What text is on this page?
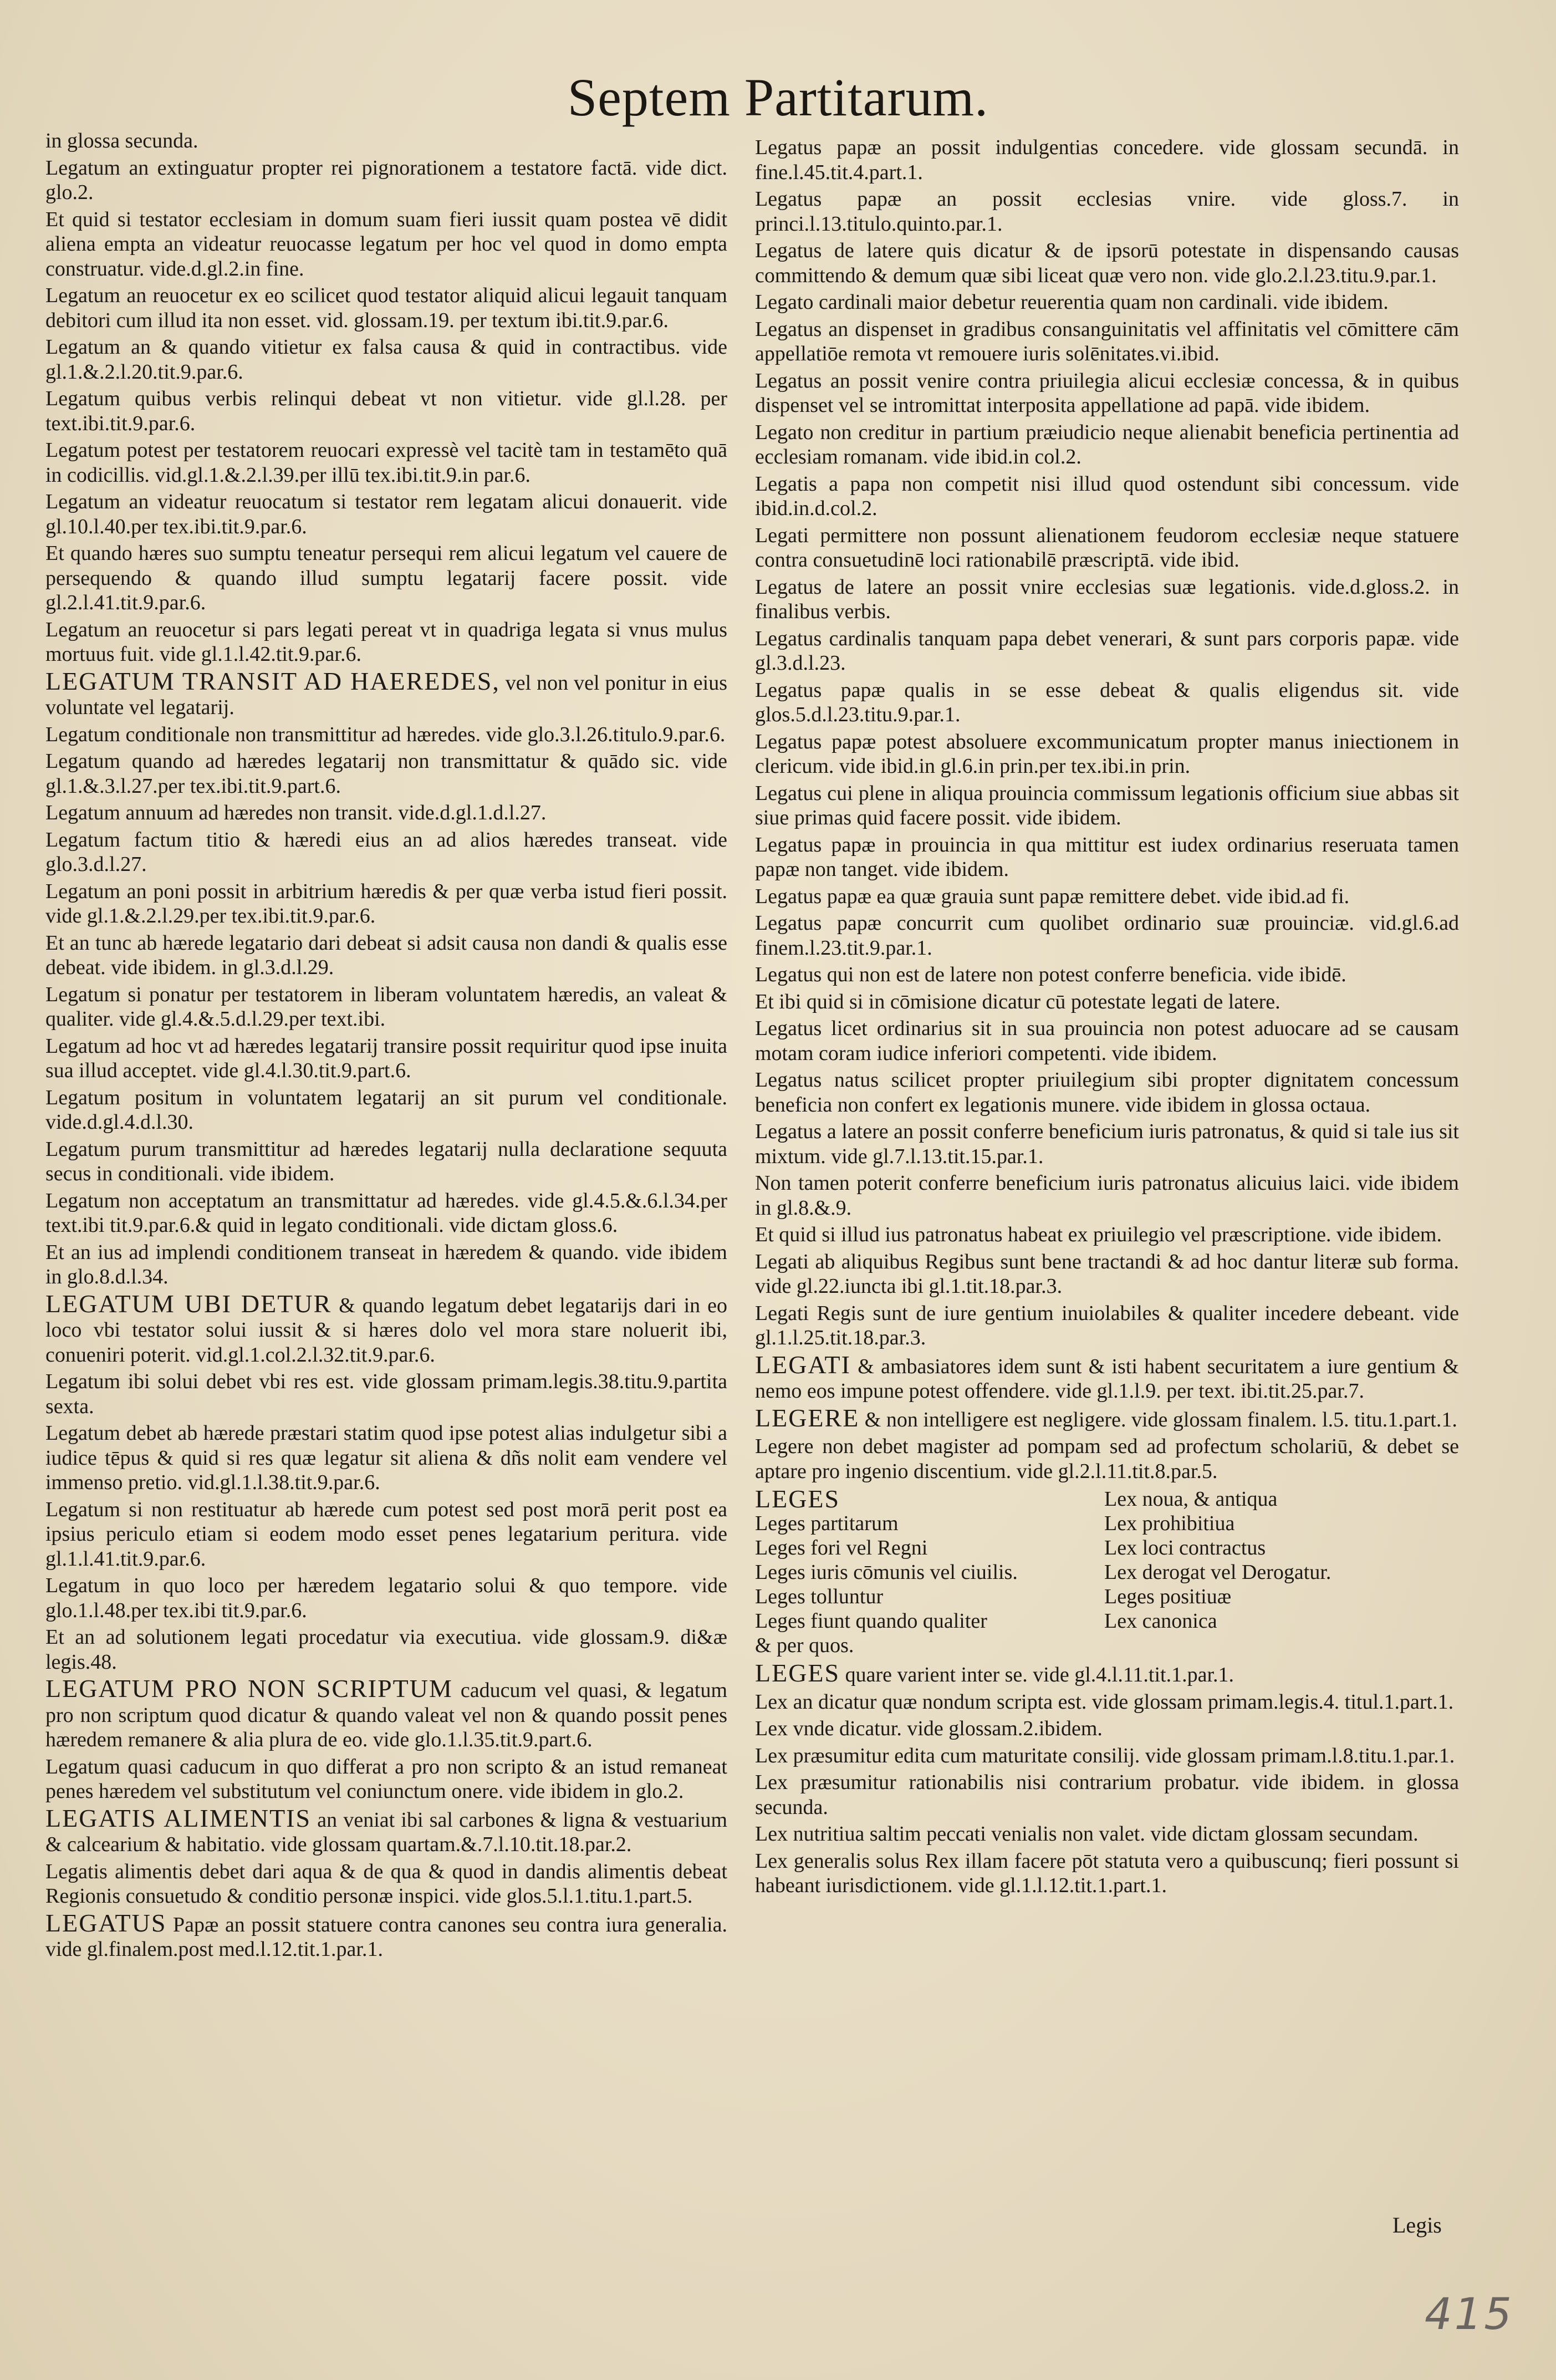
Septem Partitarum.
in glossa secunda.
Legatum an extinguatur propter rei pignorationem a testatore factā. vide dict. glo.2.
Et quid si testator ecclesiam in domum suam fieri iussit quam postea vē didit aliena empta an videatur reuocasse legatum per hoc vel quod in domo empta construatur. vide.d.gl.2.in fine.
Legatum an reuocetur ex eo scilicet quod testator aliquid alicui legauit tanquam debitori cum illud ita non esset. vid. glossam.19. per textum ibi.tit.9.par.6.
Legatum an & quando vitietur ex falsa causa & quid in contractibus. vide gl.1.&.2.l.20.tit.9.par.6.
Legatum quibus verbis relinqui debeat vt non vitietur. vide gl.l.28. per text.ibi.tit.9.par.6.
Legatum potest per testatorem reuocari expressè vel tacitè tam in testamēto quā in codicillis. vid.gl.1.&.2.l.39.per illū tex.ibi.tit.9.in par.6.
Legatum an videatur reuocatum si testator rem legatam alicui donauerit. vide gl.10.l.40.per tex.ibi.tit.9.par.6.
Et quando hæres suo sumptu teneatur persequi rem alicui legatum vel cauere de persequendo & quando illud sumptu legatarij facere possit. vide gl.2.l.41.tit.9.par.6.
Legatum an reuocetur si pars legati pereat vt in quadriga legata si vnus mulus mortuus fuit. vide gl.1.l.42.tit.9.par.6.
LEGATUM TRANSIT AD HAEREDES, vel non vel ponitur in eius voluntate vel legatarij.
Legatum conditionale non transmittitur ad hæredes. vide glo.3.l.26.titulo.9.par.6.
Legatum quando ad hæredes legatarij non transmittatur & quādo sic. vide gl.1.&.3.l.27.per tex.ibi.tit.9.part.6.
Legatum annuum ad hæredes non transit. vide.d.gl.1.d.l.27.
Legatum factum titio & hæredi eius an ad alios hæredes transeat. vide glo.3.d.l.27.
Legatum an poni possit in arbitrium hæredis & per quæ verba istud fieri possit. vide gl.1.&.2.l.29.per tex.ibi.tit.9.par.6.
Et an tunc ab hærede legatario dari debeat si adsit causa non dandi & qualis esse debeat. vide ibidem. in gl.3.d.l.29.
Legatum si ponatur per testatorem in liberam voluntatem hæredis, an valeat & qualiter. vide gl.4.&.5.d.l.29.per text.ibi.
Legatum ad hoc vt ad hæredes legatarij transire possit requiritur quod ipse inuita sua illud acceptet. vide gl.4.l.30.tit.9.part.6.
Legatum positum in voluntatem legatarij an sit purum vel conditionale. vide.d.gl.4.d.l.30.
Legatum purum transmittitur ad hæredes legatarij nulla declaratione sequuta secus in conditionali. vide ibidem.
Legatum non acceptatum an transmittatur ad hæredes. vide gl.4.5.&.6.l.34.per text.ibi tit.9.par.6.& quid in legato conditionali. vide dictam gloss.6.
Et an ius ad implendi conditionem transeat in hæredem & quando. vide ibidem in glo.8.d.l.34.
LEGATUM UBI DETUR & quando legatum debet legatarijs dari in eo loco vbi testator solui iussit & si hæres dolo vel mora stare noluerit ibi, conueniri poterit. vid.gl.1.col.2.l.32.tit.9.par.6.
Legatum ibi solui debet vbi res est. vide glossam primam.legis.38.titu.9.partita sexta.
Legatum debet ab hærede præstari statim quod ipse potest alias indulgetur sibi a iudice tēpus & quid si res quæ legatur sit aliena & dñs nolit eam vendere vel immenso pretio. vid.gl.1.l.38.tit.9.par.6.
Legatum si non restituatur ab hærede cum potest sed post morā perit post ea ipsius periculo etiam si eodem modo esset penes legatarium peritura. vide gl.1.l.41.tit.9.par.6.
Legatum in quo loco per hæredem legatario solui & quo tempore. vide glo.1.l.48.per tex.ibi tit.9.par.6.
Et an ad solutionem legati procedatur via executiua. vide glossam.9. di&æ legis.48.
LEGATUM PRO NON SCRIPTUM caducum vel quasi, & legatum pro non scriptum quod dicatur & quando valeat vel non & quando possit penes hæredem remanere & alia plura de eo. vide glo.1.l.35.tit.9.part.6.
Legatum quasi caducum in quo differat a pro non scripto & an istud remaneat penes hæredem vel substitutum vel coniunctum onere. vide ibidem in glo.2.
LEGATIS ALIMENTIS an veniat ibi sal carbones & ligna & vestuarium & calcearium & habitatio. vide glossam quartam.&.7.l.10.tit.18.par.2.
Legatis alimentis debet dari aqua & de qua & quod in dandis alimentis debeat Regionis consuetudo & conditio personæ inspici. vide glos.5.l.1.titu.1.part.5.
LEGATUS Papæ an possit statuere contra canones seu contra iura generalia. vide gl.finalem.post med.l.12.tit.1.par.1.
Legatus papæ an possit indulgentias concedere. vide glossam secundā. in fine.l.45.tit.4.part.1.
Legatus papæ an possit ecclesias vnire. vide gloss.7. in princi.l.13.titulo.quinto.par.1.
Legatus de latere quis dicatur & de ipsorū potestate in dispensando causas committendo & demum quæ sibi liceat quæ vero non. vide glo.2.l.23.titu.9.par.1.
Legato cardinali maior debetur reuerentia quam non cardinali. vide ibidem.
Legatus an dispenset in gradibus consanguinitatis vel affinitatis vel cōmittere cām appellatiōe remota vt remouere iuris solēnitates.vi.ibid.
Legatus an possit venire contra priuilegia alicui ecclesiæ concessa, & in quibus dispenset vel se intromittat interposita appellatione ad papā. vide ibidem.
Legato non creditur in partium præiudicio neque alienabit beneficia pertinentia ad ecclesiam romanam. vide ibid.in col.2.
Legatis a papa non competit nisi illud quod ostendunt sibi concessum. vide ibid.in.d.col.2.
Legati permittere non possunt alienationem feudorom ecclesiæ neque statuere contra consuetudinē loci rationabilē præscriptā. vide ibid.
Legatus de latere an possit vnire ecclesias suæ legationis. vide.d.gloss.2. in finalibus verbis.
Legatus cardinalis tanquam papa debet venerari, & sunt pars corporis papæ. vide gl.3.d.l.23.
Legatus papæ qualis in se esse debeat & qualis eligendus sit. vide glos.5.d.l.23.titu.9.par.1.
Legatus papæ potest absoluere excommunicatum propter manus iniectionem in clericum. vide ibid.in gl.6.in prin.per tex.ibi.in prin.
Legatus cui plene in aliqua prouincia commissum legationis officium siue abbas sit siue primas quid facere possit. vide ibidem.
Legatus papæ in prouincia in qua mittitur est iudex ordinarius reseruata tamen papæ non tanget. vide ibidem.
Legatus papæ ea quæ grauia sunt papæ remittere debet. vide ibid.ad fi.
Legatus papæ concurrit cum quolibet ordinario suæ prouinciæ. vid.gl.6.ad finem.l.23.tit.9.par.1.
Legatus qui non est de latere non potest conferre beneficia. vide ibidē.
Et ibi quid si in cōmisione dicatur cū potestate legati de latere.
Legatus licet ordinarius sit in sua prouincia non potest aduocare ad se causam motam coram iudice inferiori competenti. vide ibidem.
Legatus natus scilicet propter priuilegium sibi propter dignitatem concessum beneficia non confert ex legationis munere. vide ibidem in glossa octaua.
Legatus a latere an possit conferre beneficium iuris patronatus, & quid si tale ius sit mixtum. vide gl.7.l.13.tit.15.par.1.
Non tamen poterit conferre beneficium iuris patronatus alicuius laici. vide ibidem in gl.8.&.9.
Et quid si illud ius patronatus habeat ex priuilegio vel præscriptione. vide ibidem.
Legati ab aliquibus Regibus sunt bene tractandi & ad hoc dantur literæ sub forma. vide gl.22.iuncta ibi gl.1.tit.18.par.3.
Legati Regis sunt de iure gentium inuiolabiles & qualiter incedere debeant. vide gl.1.l.25.tit.18.par.3.
LEGATI & ambasiatores idem sunt & isti habent securitatem a iure gentium & nemo eos impune potest offendere. vide gl.1.l.9. per text. ibi.tit.25.par.7.
LEGERE & non intelligere est negligere. vide glossam finalem. l.5. titu.1.part.1.
Legere non debet magister ad pompam sed ad profectum scholariū, & debet se aptare pro ingenio discentium. vide gl.2.l.11.tit.8.par.5.
LEGES	Lex noua, & antiqua
Leges partitarum	Lex prohibitiua
Leges fori vel Regni	Lex loci contractus
Leges iuris cōmunis vel ciuilis.	Lex derogat vel Derogatur.
Leges tolluntur	Leges positiuæ
Leges fiunt quando qualiter	Lex canonica
& per quos.
LEGES quare varient inter se. vide gl.4.l.11.tit.1.par.1.
Lex an dicatur quæ nondum scripta est. vide glossam primam.legis.4. titul.1.part.1.
Lex vnde dicatur. vide glossam.2.ibidem.
Lex præsumitur edita cum maturitate consilij. vide glossam primam.l.8.titu.1.par.1.
Lex præsumitur rationabilis nisi contrarium probatur. vide ibidem. in glossa secunda.
Lex nutritiua saltim peccati venialis non valet. vide dictam glossam secundam.
Lex generalis solus Rex illam facere pōt statuta vero a quibuscunq; fieri possunt si habeant iurisdictionem. vide gl.1.l.12.tit.1.part.1.
Legis
415
